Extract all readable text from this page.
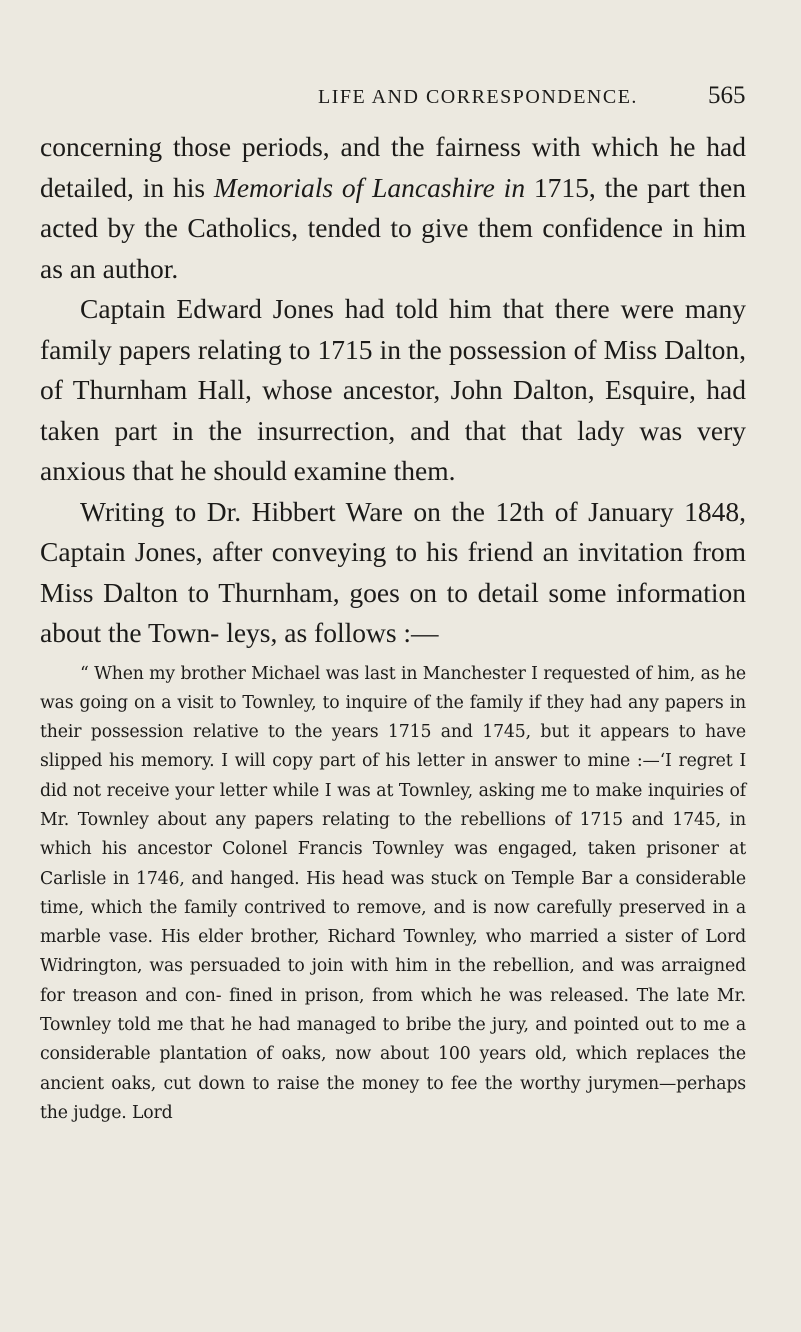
LIFE AND CORRESPONDENCE.	565

concerning those periods, and the fairness with which he had detailed, in his Memorials of Lancashire in 1715, the part then acted by the Catholics, tended to give them confidence in him as an author.

Captain Edward Jones had told him that there were many family papers relating to 1715 in the possession of Miss Dalton, of Thurnham Hall, whose ancestor, John Dalton, Esquire, had taken part in the insurrection, and that that lady was very anxious that he should examine them.

Writing to Dr. Hibbert Ware on the 12th of January 1848, Captain Jones, after conveying to his friend an invitation from Miss Dalton to Thurnham, goes on to detail some information about the Town- leys, as follows :—

“ When my brother Michael was last in Manchester I requested of him, as he was going on a visit to Townley, to inquire of the family if they had any papers in their possession relative to the years 1715 and 1745, but it appears to have slipped his memory. I will copy part of his letter in answer to mine :—‘I regret I did not receive your letter while I was at Townley, asking me to make inquiries of Mr. Townley about any papers relating to the rebellions of 1715 and 1745, in which his ancestor Colonel Francis Townley was engaged, taken prisoner at Carlisle in 1746, and hanged. His head was stuck on Temple Bar a considerable time, which the family contrived to remove, and is now carefully preserved in a marble vase. His elder brother, Richard Townley, who married a sister of Lord Widrington, was persuaded to join with him in the rebellion, and was arraigned for treason and con- fined in prison, from which he was released. The late Mr. Townley told me that he had managed to bribe the jury, and pointed out to me a considerable plantation of oaks, now about 100 years old, which replaces the ancient oaks, cut down to raise the money to fee the worthy jurymen—perhaps the judge. Lord
